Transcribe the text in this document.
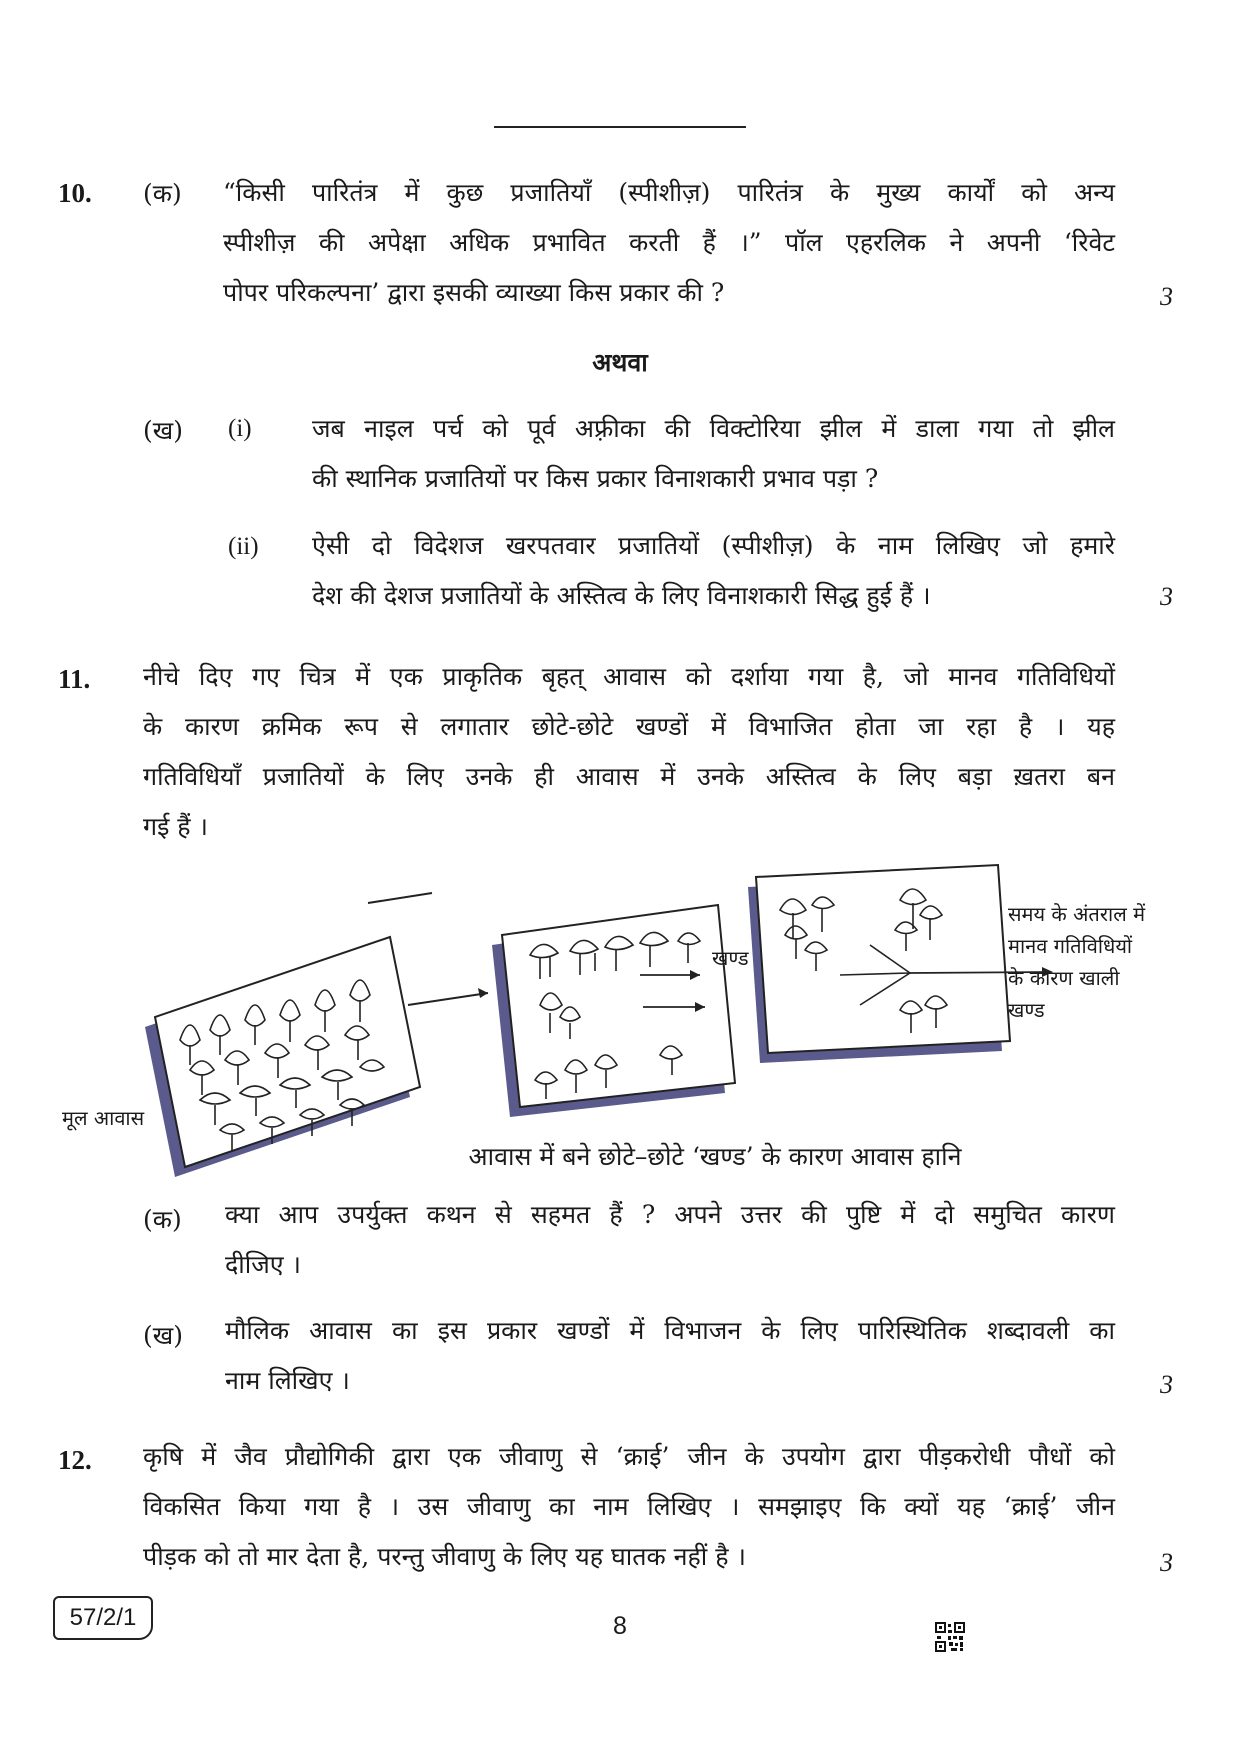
10. (क) “किसी पारितंत्र में कुछ प्रजातियाँ (स्पीशीज़) पारितंत्र के मुख्य कार्यों को अन्य
स्पीशीज़ की अपेक्षा अधिक प्रभावित करती हैं ।” पॉल एहरलिक ने अपनी ‘रिवेट
पोपर परिकल्पना’ द्वारा इसकी व्याख्या किस प्रकार की ?	3
अथवा
(ख) (i) जब नाइल पर्च को पूर्व अफ़्रीका की विक्टोरिया झील में डाला गया तो झील
की स्थानिक प्रजातियों पर किस प्रकार विनाशकारी प्रभाव पड़ा ?
(ii) ऐसी दो विदेशज खरपतवार प्रजातियों (स्पीशीज़) के नाम लिखिए जो हमारे
देश की देशज प्रजातियों के अस्तित्व के लिए विनाशकारी सिद्ध हुई हैं ।	3
11. नीचे दिए गए चित्र में एक प्राकृतिक बृहत् आवास को दर्शाया गया है, जो मानव गतिविधियों
के कारण क्रमिक रूप से लगातार छोटे-छोटे खण्डों में विभाजित होता जा रहा है । यह
गतिविधियाँ प्रजातियों के लिए उनके ही आवास में उनके अस्तित्व के लिए बड़ा ख़तरा बन
गई हैं ।
मूल आवास
खण्ड
समय के अंतराल में
मानव गतिविधियों
के कारण खाली
खण्ड
आवास में बने छोटे–छोटे ‘खण्ड’ के कारण आवास हानि
(क) क्या आप उपर्युक्त कथन से सहमत हैं ? अपने उत्तर की पुष्टि में दो समुचित कारण
दीजिए ।
(ख) मौलिक आवास का इस प्रकार खण्डों में विभाजन के लिए पारिस्थितिक शब्दावली का
नाम लिखिए ।	3
12. कृषि में जैव प्रौद्योगिकी द्वारा एक जीवाणु से ‘क्राई’ जीन के उपयोग द्वारा पीड़करोधी पौधों को
विकसित किया गया है । उस जीवाणु का नाम लिखिए । समझाइए कि क्यों यह ‘क्राई’ जीन
पीड़क को तो मार देता है, परन्तु जीवाणु के लिए यह घातक नहीं है ।	3
57/2/1	8
